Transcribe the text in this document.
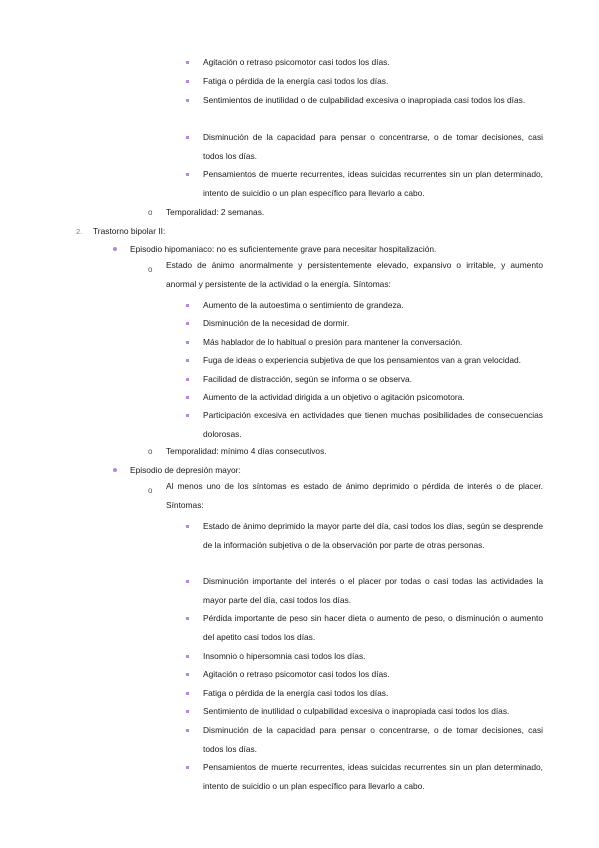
Agitación o retraso psicomotor casi todos los días.
Fatiga o pérdida de la energía casi todos los días.
Sentimientos de inutilidad o de culpabilidad excesiva o inapropiada casi todos los días.
Disminución de la capacidad para pensar o concentrarse, o de tomar decisiones, casi todos los días.
Pensamientos de muerte recurrentes, ideas suicidas recurrentes sin un plan determinado, intento de suicidio o un plan específico para llevarlo a cabo.
o Temporalidad: 2 semanas.
2. Trastorno bipolar II:
Episodio hipomaniaco: no es suficientemente grave para necesitar hospitalización.
o Estado de ánimo anormalmente y persistentemente elevado, expansivo o irritable, y aumento anormal y persistente de la actividad o la energía. Síntomas:
Aumento de la autoestima o sentimiento de grandeza.
Disminución de la necesidad de dormir.
Más hablador de lo habitual o presión para mantener la conversación.
Fuga de ideas o experiencia subjetiva de que los pensamientos van a gran velocidad.
Facilidad de distracción, según se informa o se observa.
Aumento de la actividad dirigida a un objetivo o agitación psicomotora.
Participación excesiva en actividades que tienen muchas posibilidades de consecuencias dolorosas.
o Temporalidad: mínimo 4 días consecutivos.
Episodio de depresión mayor:
o Al menos uno de los síntomas es estado de ánimo deprimido o pérdida de interés o de placer. Síntomas:
Estado de ánimo deprimido la mayor parte del día, casi todos los días, según se desprende de la información subjetiva o de la observación por parte de otras personas.
Disminución importante del interés o el placer por todas o casi todas las actividades la mayor parte del día, casi todos los días.
Pérdida importante de peso sin hacer dieta o aumento de peso, o disminución o aumento del apetito casi todos los días.
Insomnio o hipersomnia casi todos los días.
Agitación o retraso psicomotor casi todos los días.
Fatiga o pérdida de la energía casi todos los días.
Sentimiento de inutilidad o culpabilidad excesiva o inapropiada casi todos los días.
Disminución de la capacidad para pensar o concentrarse, o de tomar decisiones, casi todos los días.
Pensamientos de muerte recurrentes, ideas suicidas recurrentes sin un plan determinado, intento de suicidio o un plan específico para llevarlo a cabo.
